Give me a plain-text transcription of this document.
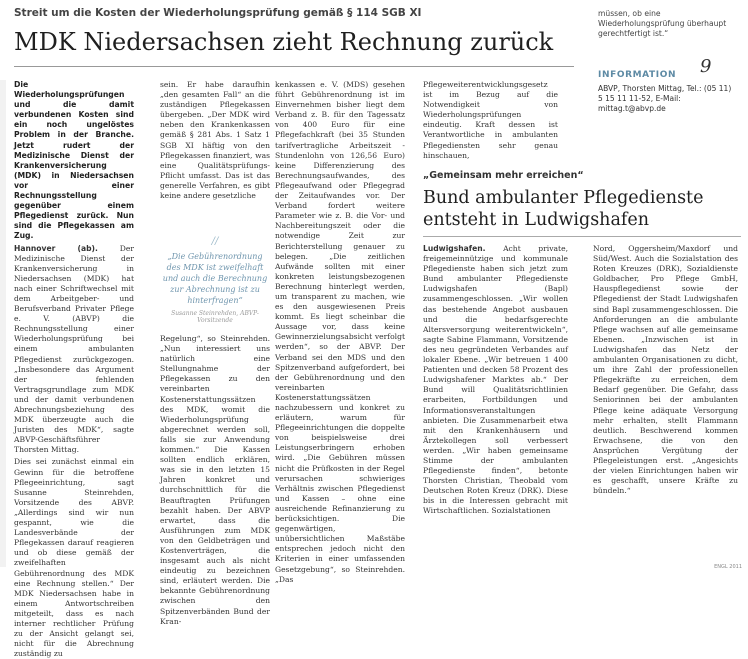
Streit um die Kosten der Wiederholungsprüfung gemäß § 114 SGB XI
MDK Niedersachsen zieht Rechnung zurück

Die Wiederholungsprüfungen und die damit verbundenen Kosten sind ein noch ungelöstes Problem in der Branche. Jetzt rudert der Medizinische Dienst der Krankenversicherung (MDK) in Niedersachsen vor einer Rechnungsstellung gegenüber einem Pflegedienst zurück. Nun sind die Pflegekassen am Zug.

Hannover (ab). Der Medizinische Dienst der Krankenversicherung in Niedersachsen (MDK) hat nach einer Schriftwechsel mit dem Arbeitgeber- und Berufsverband Privater Pflege e. V. (ABVP) die Rechnungsstellung einer Wiederholungsprüfung bei einem ambulanten Pflegedienst zurückgezogen. „Insbesondere das Argument der fehlenden Vertragsgrundlage zum MDK und der damit verbundenen Abrechnungsbeziehung des MDK überzeugte auch die Juristen des MDK“, sagte ABVP-Geschäftsführer Thorsten Mittag.

Dies sei zunächst einmal ein Gewinn für die betroffene Pflegeeinrichtung, sagt Susanne Steinrehden, Vorsitzende des ABVP. „Allerdings sind wir nun gespannt, wie die Landesverbände der Pflegekassen darauf reagieren und ob diese gemäß der zweifelhaften Gebührenordnung des MDK eine Rechnung stellen.“ Der MDK Niedersachsen habe in einem Antwortschreiben mitgeteilt, dass es nach interner rechtlicher Prüfung zu der Ansicht gelangt sei, nicht für die Abrechnung zuständig zu

sein. Er habe daraufhin „den gesamten Fall“ an die zuständigen Pflegekassen übergeben. „Der MDK wird neben den Krankenkassen gemäß § 281 Abs. 1 Satz 1 SGB XI häftig von den Pflegekassen finanziert, was eine Qualitätsprüfungs-Pflicht umfasst. Das ist das generelle Verfahren, es gibt keine andere gesetzliche

//
„Die Gebührenordnung des MDK ist zweifelhaft und auch die Berechnung zur Abrechnung ist zu hinterfragen“
Susanne Steinrehden, ABVP-Vorsitzende

Regelung“, so Steinrehden. „Nun interessiert uns natürlich eine Stellungnahme der Pflegekassen zu den vereinbarten Kostenerstattungssätzen des MDK, womit die Wiederholungsprüfung abgerechnet werden soll, falls sie zur Anwendung kommen.“ Die Kassen sollten endlich erklären, was sie in den letzten 15 Jahren konkret und durchschnittlich für die Beauftragten Prüfungen bezahlt haben. Der ABVP erwartet, dass die Ausführungen zum MDK von den Geldbeträgen und Kostenverträgen, die insgesamt auch als nicht eindeutig zu bezeichnen sind, erläutert werden. Die bekannte Gebührenordnung zwischen den Spitzenverbänden Bund der Kran-

kenkassen e. V. (MDS) gesehen führt Gebührenordnung ist im Einvernehmen bisher liegt dem Verband z. B. für den Tagessatz von 400 Euro für eine Pflegefachkraft (bei 35 Stunden tarifvertragliche Arbeitszeit - Stundenlohn von 126,56 Euro) keine Differenzierung des Berechnungsaufwandes, des Pflegeaufwand oder Pflegegrad der Zeitaufwandes vor. Der Verband fordert weitere Parameter wie z. B. die Vor- und Nachbereitungszeit oder die notwendige Zeit zur Berichterstellung genauer zu belegen. „Die zeitlichen Aufwände sollten mit einer konkreten leistungsbezogenen Berechnung hinterlegt werden, um transparent zu machen, wie es den ausgewiesenen Preis kommt. Es liegt scheinbar die Aussage vor, dass keine Gewinnerzielungsabsicht verfolgt werden“, so der ABVP. Der Verband sei den MDS und den Spitzenverband aufgefordert, bei der Gebührenordnung und den vereinbarten Kostenerstattungssätzen nachzubessern und konkret zu erläutern, warum für Pflegeeinrichtungen die doppelte von beispielsweise drei Leistungserbringern erhoben wird. „Die Gebühren müssen nicht die Prüfkosten in der Regel verursachen schwieriges Verhältnis zwischen Pflegedienst und Kassen – ohne eine ausreichende Refinanzierung zu berücksichtigen. Die gegenwärtigen, unübersichtlichen Maßstäbe entsprechen jedoch nicht den Kriterien in einer umfassenden Gesetzgebung“, so Steinrehden. „Das

Pflegeweiterentwicklungsgesetz ist im Bezug auf die Notwendigkeit von Wiederholungsprüfungen eindeutig. Kraft dessen ist Verantwortliche in ambulanten Pflegediensten sehr genau hinschauen,

müssen, ob eine Wiederholungsprüfung überhaupt gerechtfertigt ist.“
9
INFORMATION
ABVP, Thorsten Mittag, Tel.: (05 11) 5 15 11 11-52, E-Mail: mittag.t@abvp.de
„Gemeinsam mehr erreichen“
Bund ambulanter Pflegedienste entsteht in Ludwigshafen

Ludwigshafen. Acht private, freigemeinnützige und kommunale Pflegedienste haben sich jetzt zum Bund ambulanter Pflegedienste Ludwigshafen (Bapl) zusammengeschlossen. „Wir wollen das bestehende Angebot ausbauen und die bedarfsgerechte Altersversorgung weiterentwickeln“, sagte Sabine Flammann, Vorsitzende des neu gegründeten Verbandes auf lokaler Ebene. „Wir betreuen 1 400 Patienten und decken 58 Prozent des Ludwigshafener Marktes ab.“ Der Bund will Qualitätsrichtlinien erarbeiten, Fortbildungen und Informationsveranstaltungen anbieten. Die Zusammenarbeit etwa mit den Krankenhäusern und Ärztekollegen soll verbessert werden. „Wir haben gemeinsame Stimme der ambulanten Pflegedienste finden“, betonte Thorsten Christian, Theobald vom Deutschen Roten Kreuz (DRK). Diese bis in die Interessen gebracht mit Wirtschaftlichen. Sozialstationen

Nord, Oggersheim/Maxdorf und Süd/West. Auch die Sozialstation des Roten Kreuzes (DRK), Sozialdienste Goldbacher, Pro Pflege GmbH, Hauspflegedienst sowie der Pflegedienst der Stadt Ludwigshafen sind Bapl zusammengeschlossen. Die Anforderungen an die ambulante Pflege wachsen auf alle gemeinsame Ebenen. „Inzwischen ist in Ludwigshafen das Netz der ambulanten Organisationen zu dicht, um ihre Zahl der professionellen Pflegekräfte zu erreichen, dem Bedarf gegenüber. Die Gefahr, dass Seniorinnen bei der ambulanten Pflege keine adäquate Versorgung mehr erhalten, stellt Flammann deutlich. Beschwerend kommen Erwachsene, die von den Ansprüchen Vergütung der Pflegeleistungen erst. „Angesichts der vielen Einrichtungen haben wir es geschafft, unsere Kräfte zu bündeln.“

ENGL 2011
